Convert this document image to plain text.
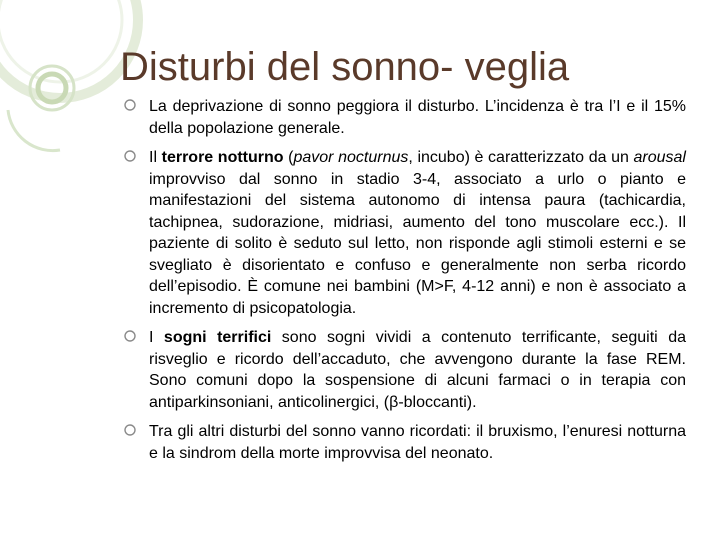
Disturbi del sonno- veglia
La deprivazione di sonno peggiora il disturbo. L’incidenza è tra l’I e il 15% della popolazione generale.
Il terrore notturno (pavor nocturnus, incubo) è caratterizzato da un arousal improvviso dal sonno in stadio 3-4, associato a urlo o pianto e manifestazioni del sistema autonomo di intensa paura (tachicardia, tachipnea, sudorazione, midriasi, aumento del tono muscolare ecc.). Il paziente di solito è seduto sul letto, non risponde agli stimoli esterni e se svegliato è disorientato e confuso e generalmente non serba ricordo dell’episodio. È comune nei bambini (M>F, 4-12 anni) e non è associato a incremento di psicopatologia.
I sogni terrifici sono sogni vividi a contenuto terrificante, seguiti da risveglio e ricordo dell’accaduto, che avvengono durante la fase REM. Sono comuni dopo la sospensione di alcuni farmaci o in terapia con antiparkinsoniani, anticolinergici, (β-bloccanti).
Tra gli altri disturbi del sonno vanno ricordati: il bruxismo, l’enuresi notturna e la sindrom della morte improvvisa del neonato.
